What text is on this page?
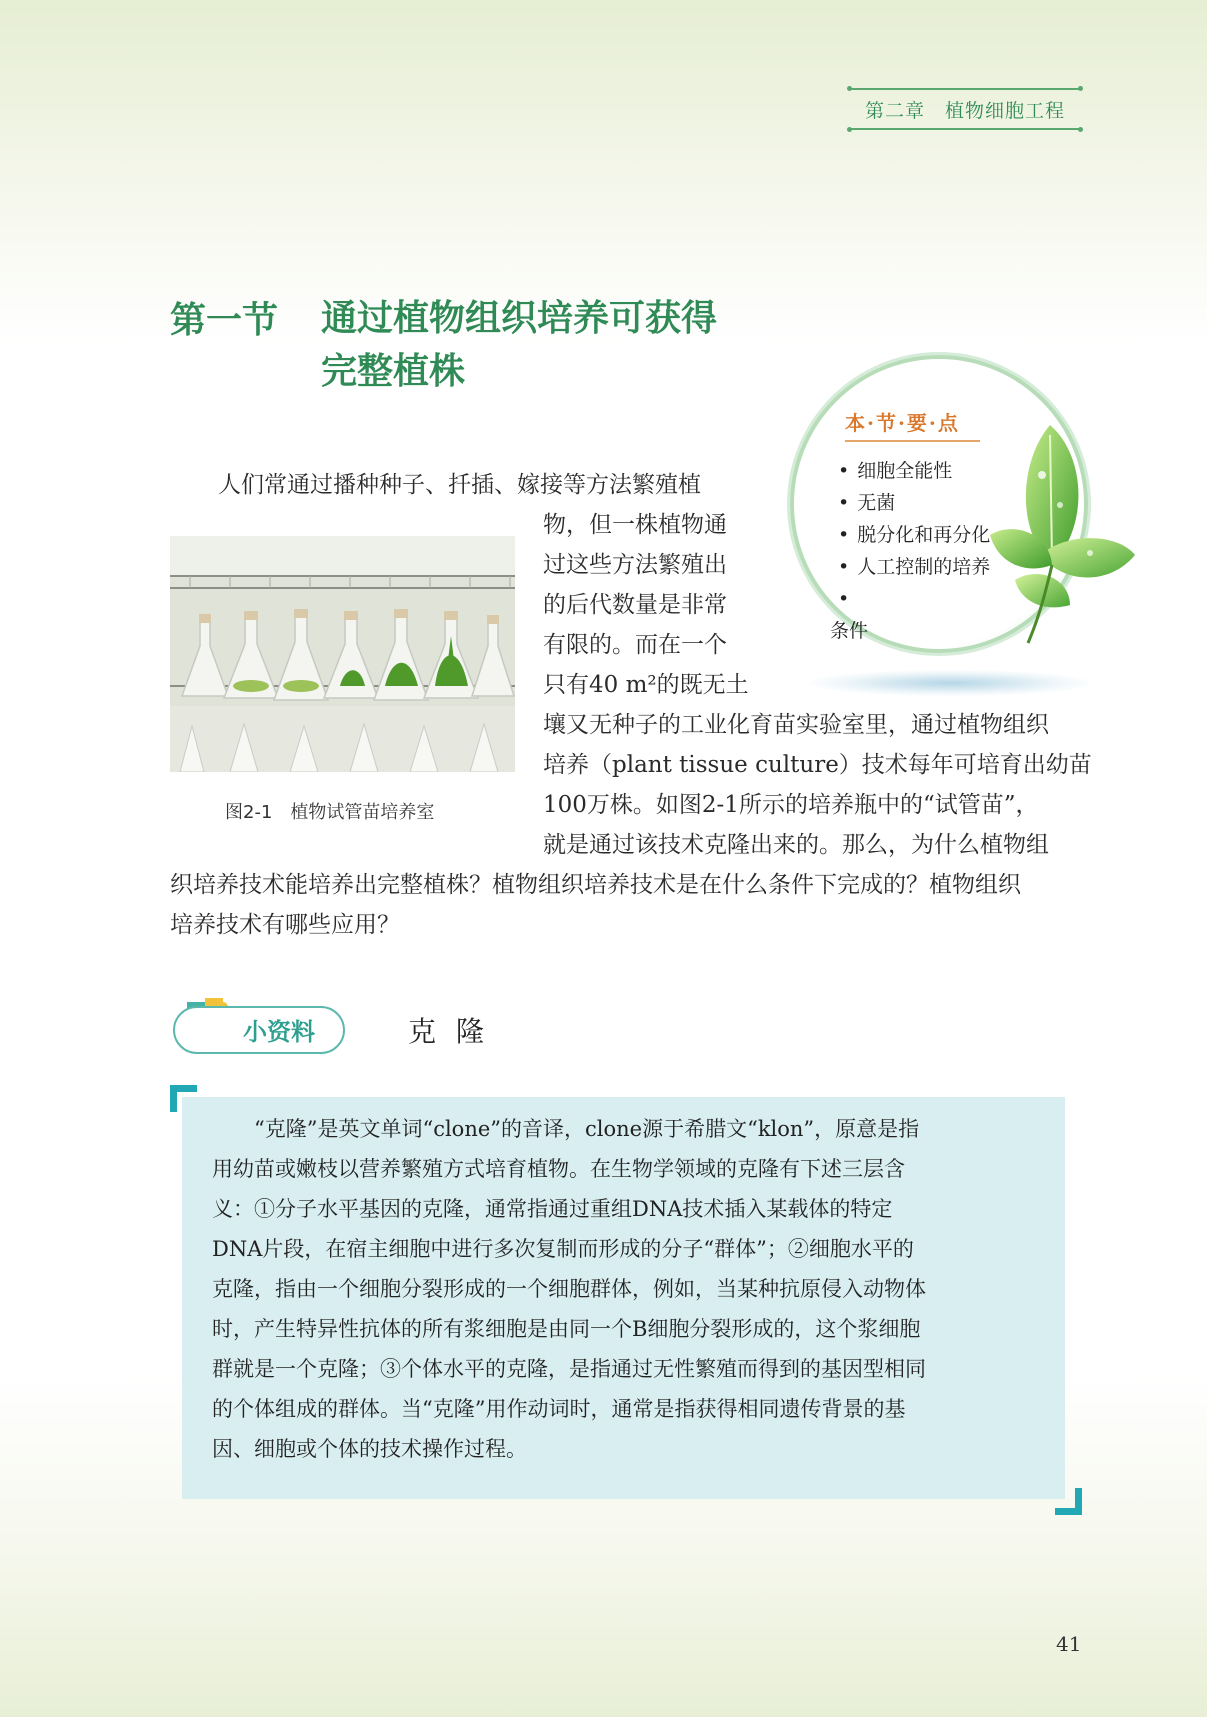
第二章 植物细胞工程
第一节 通过植物组织培养可获得
完整植株
本·节·要·点
• 细胞全能性
• 无菌
• 脱分化和再分化
• 人工控制的培养
• 条件
人们常通过播种种子、扦插、嫁接等方法繁殖植
物，但一株植物通
过这些方法繁殖出
的后代数量是非常
有限的。而在一个
只有40 m²的既无土
壤又无种子的工业化育苗实验室里，通过植物组织
培养（plant tissue culture）技术每年可培育出幼苗
100万株。如图2-1所示的培养瓶中的“试管苗”，
就是通过该技术克隆出来的。那么，为什么植物组
织培养技术能培养出完整植株？植物组织培养技术是在什么条件下完成的？植物组织
培养技术有哪些应用？
图2-1　植物试管苗培养室
小资料	克隆
“克隆”是英文单词“clone”的音译，clone源于希腊文“klon”，原意是指
用幼苗或嫩枝以营养繁殖方式培育植物。在生物学领域的克隆有下述三层含
义：①分子水平基因的克隆，通常指通过重组DNA技术插入某载体的特定
DNA片段，在宿主细胞中进行多次复制而形成的分子“群体”；②细胞水平的
克隆，指由一个细胞分裂形成的一个细胞群体，例如，当某种抗原侵入动物体
时，产生特异性抗体的所有浆细胞是由同一个B细胞分裂形成的，这个浆细胞
群就是一个克隆；③个体水平的克隆，是指通过无性繁殖而得到的基因型相同
的个体组成的群体。当“克隆”用作动词时，通常是指获得相同遗传背景的基
因、细胞或个体的技术操作过程。
41
